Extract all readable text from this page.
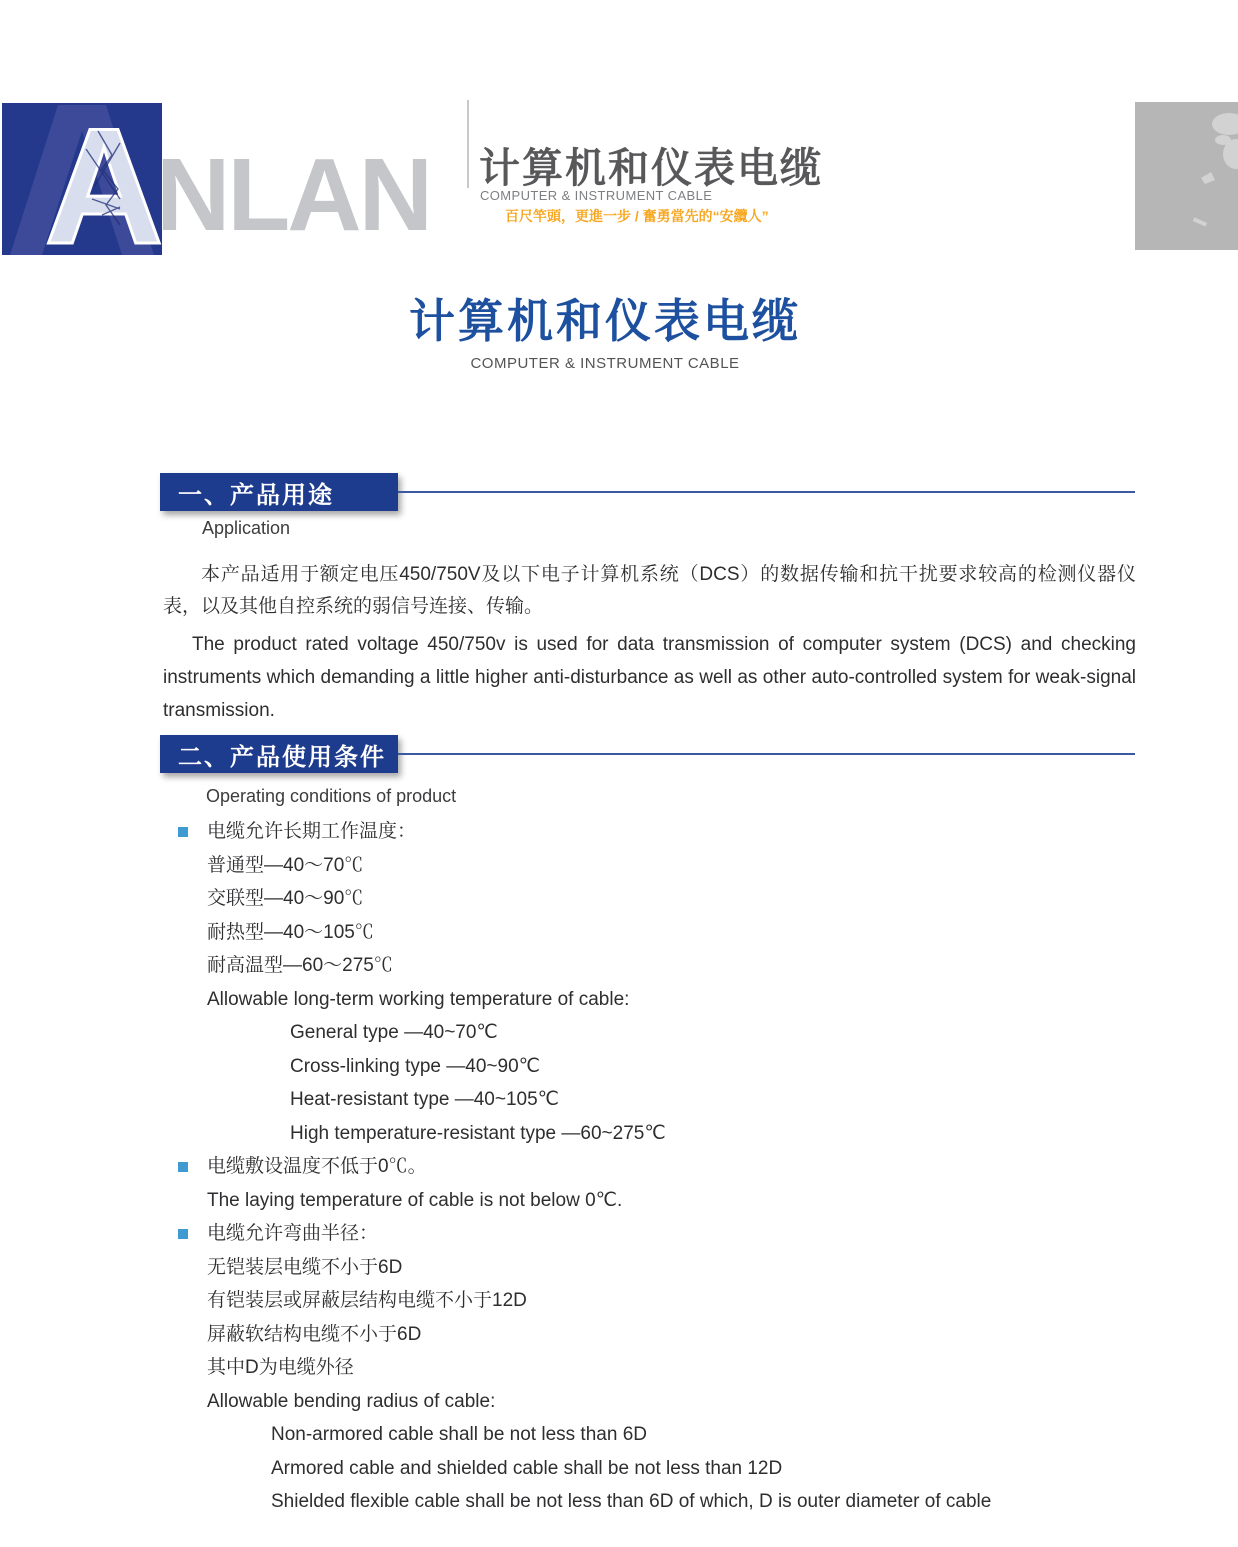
A
NLAN 计算机和仪表电缆
COMPUTER & INSTRUMENT CABLE
百尺竿頭，更進一步 / 奮勇當先的“安纜人”
计算机和仪表电缆
COMPUTER & INSTRUMENT CABLE
一、产品用途
Application
本产品适用于额定电压450/750V及以下电子计算机系统（DCS）的数据传输和抗干扰要求较高的检测仪器仪表，以及其他自控系统的弱信号连接、传输。
The product rated voltage 450/750v is used for data transmission of computer system (DCS) and checking instruments which demanding a little higher anti-disturbance as well as other auto-controlled system for weak-signal transmission.
二、产品使用条件
Operating conditions of product
电缆允许长期工作温度：
普通型—40～70℃
交联型—40～90℃
耐热型—40～105℃
耐高温型—60～275℃
Allowable long-term working temperature of cable:
General type —40~70℃
Cross-linking type —40~90℃
Heat-resistant type —40~105℃
High temperature-resistant type —60~275℃
电缆敷设温度不低于0℃。
The laying temperature of cable is not below 0℃.
电缆允许弯曲半径：
无铠装层电缆不小于6D
有铠装层或屏蔽层结构电缆不小于12D
屏蔽软结构电缆不小于6D
其中D为电缆外径
Allowable bending radius of cable:
Non-armored cable shall be not less than 6D
Armored cable and shielded cable shall be not less than 12D
Shielded flexible cable shall be not less than 6D of which, D is outer diameter of cable
